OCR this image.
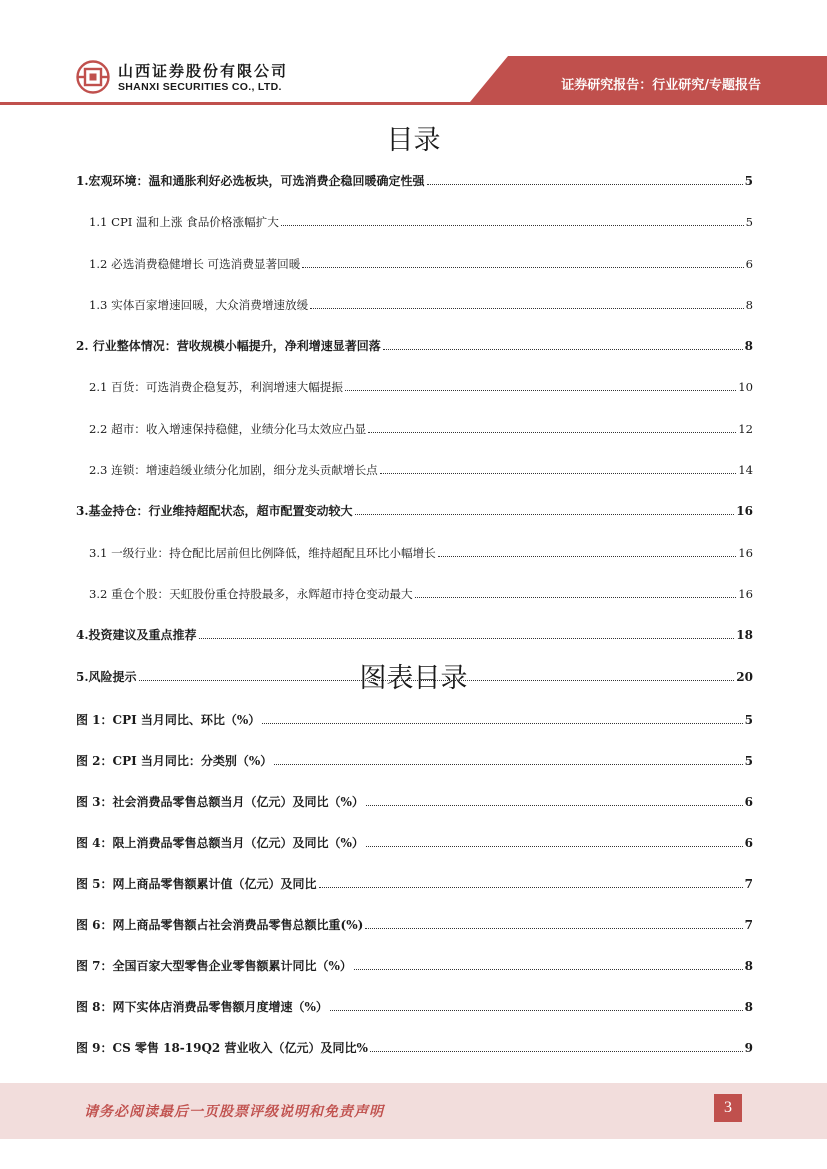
山西证券股份有限公司
SHANXI SECURITIES CO., LTD.	证券研究报告：行业研究/专题报告
目录
1.宏观环境：温和通胀利好必选板块，可选消费企稳回暖确定性强	5
1.1 CPI 温和上涨 食品价格涨幅扩大	5
1.2 必选消费稳健增长 可选消费显著回暖	6
1.3 实体百家增速回暖，大众消费增速放缓	8
2. 行业整体情况：营收规模小幅提升，净利增速显著回落	8
2.1 百货：可选消费企稳复苏，利润增速大幅提振	10
2.2 超市：收入增速保持稳健，业绩分化马太效应凸显	12
2.3 连锁：增速趋缓业绩分化加剧，细分龙头贡献增长点	14
3.基金持仓：行业维持超配状态，超市配置变动较大	16
3.1 一级行业：持仓配比居前但比例降低，维持超配且环比小幅增长	16
3.2 重仓个股：天虹股份重仓持股最多，永辉超市持仓变动最大	16
4.投资建议及重点推荐	18
5.风险提示	20
图表目录
图 1：CPI 当月同比、环比（%）	5
图 2：CPI 当月同比：分类别（%）	5
图 3：社会消费品零售总额当月（亿元）及同比（%）	6
图 4：限上消费品零售总额当月（亿元）及同比（%）	6
图 5：网上商品零售额累计值（亿元）及同比	7
图 6：网上商品零售额占社会消费品零售总额比重(%)	7
图 7：全国百家大型零售企业零售额累计同比（%）	8
图 8：网下实体店消费品零售额月度增速（%）	8
图 9：CS 零售 18-19Q2 营业收入（亿元）及同比%	9
请务必阅读最后一页股票评级说明和免责声明	3
